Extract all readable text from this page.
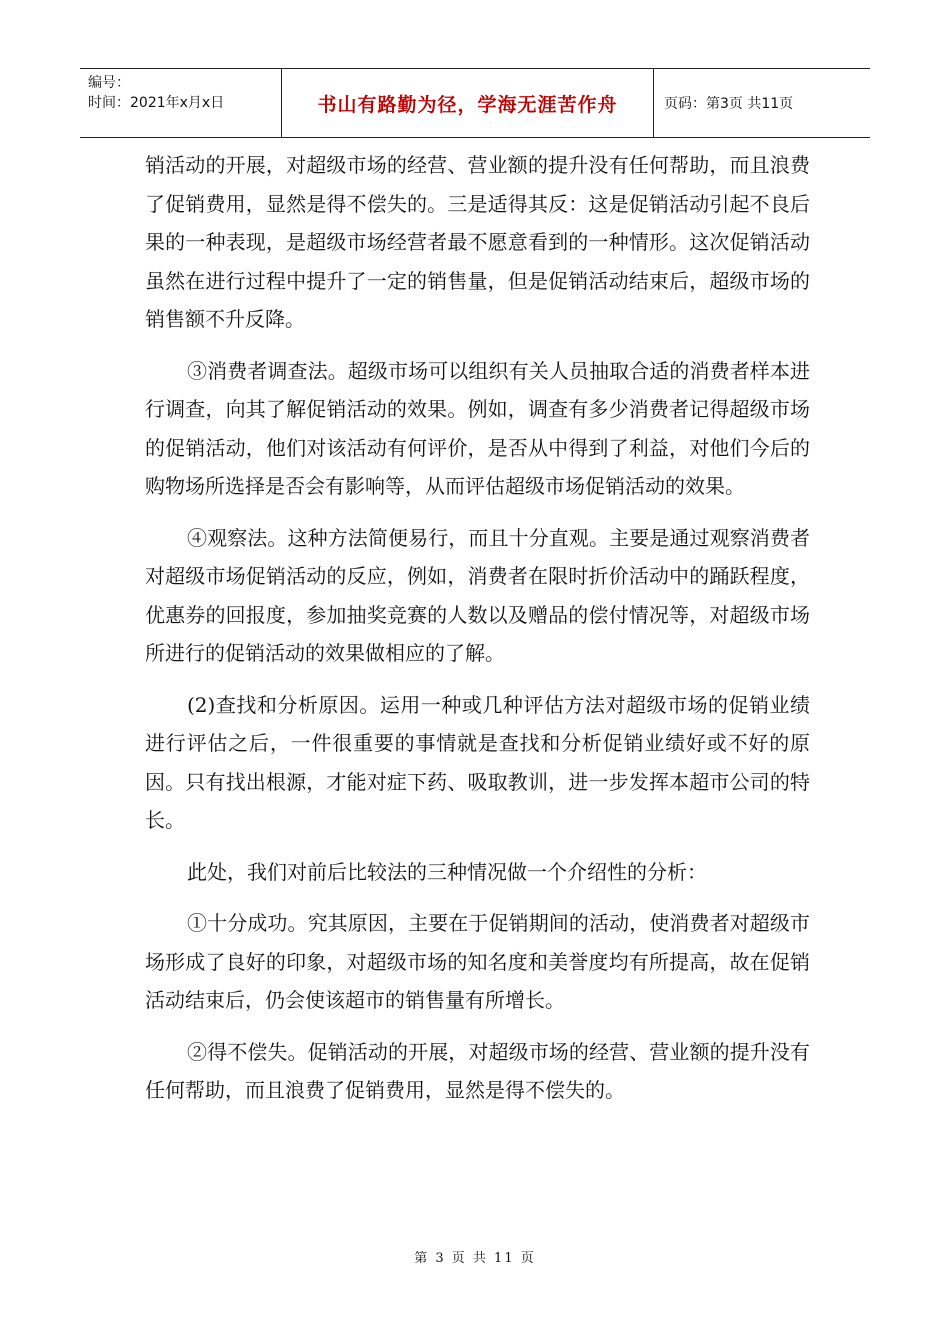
编号：
时间：2021年x月x日	书山有路勤为径，学海无涯苦作舟	页码：第3页 共11页

销活动的开展，对超级市场的经营、营业额的提升没有任何帮助，而且浪费了促销费用，显然是得不偿失的。三是适得其反：这是促销活动引起不良后果的一种表现，是超级市场经营者最不愿意看到的一种情形。这次促销活动虽然在进行过程中提升了一定的销售量，但是促销活动结束后，超级市场的销售额不升反降。

③消费者调查法。超级市场可以组织有关人员抽取合适的消费者样本进行调查，向其了解促销活动的效果。例如，调查有多少消费者记得超级市场的促销活动，他们对该活动有何评价，是否从中得到了利益，对他们今后的购物场所选择是否会有影响等，从而评估超级市场促销活动的效果。

④观察法。这种方法简便易行，而且十分直观。主要是通过观察消费者对超级市场促销活动的反应，例如，消费者在限时折价活动中的踊跃程度，优惠券的回报度，参加抽奖竞赛的人数以及赠品的偿付情况等，对超级市场所进行的促销活动的效果做相应的了解。

(2)查找和分析原因。运用一种或几种评估方法对超级市场的促销业绩进行评估之后，一件很重要的事情就是查找和分析促销业绩好或不好的原因。只有找出根源，才能对症下药、吸取教训，进一步发挥本超市公司的特长。

此处，我们对前后比较法的三种情况做一个介绍性的分析：

①十分成功。究其原因，主要在于促销期间的活动，使消费者对超级市场形成了良好的印象，对超级市场的知名度和美誉度均有所提高，故在促销活动结束后，仍会使该超市的销售量有所增长。

②得不偿失。促销活动的开展，对超级市场的经营、营业额的提升没有任何帮助，而且浪费了促销费用，显然是得不偿失的。

第 3 页 共 11 页
